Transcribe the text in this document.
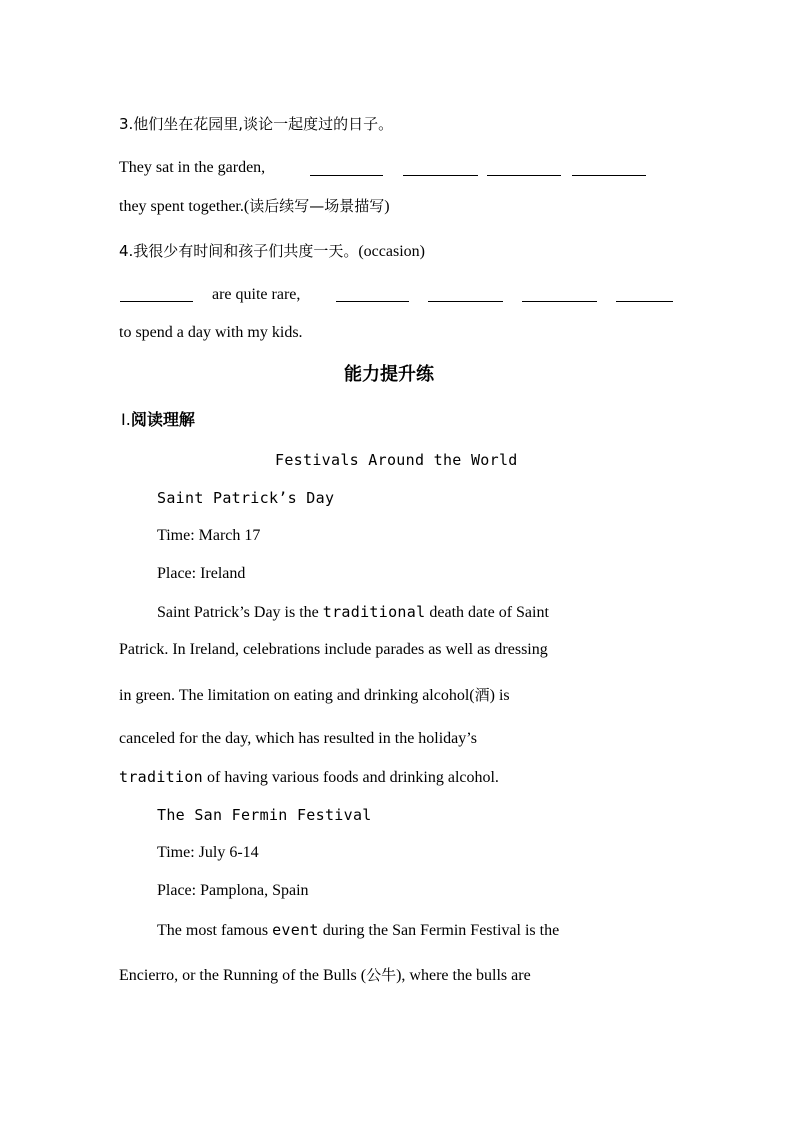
3.他们坐在花园里,谈论一起度过的日子。
They sat in the garden,
they spent together.(读后续写—场景描写)
4.我很少有时间和孩子们共度一天。(occasion)
are quite rare,
to spend a day with my kids.
能力提升练
Ⅰ.阅读理解
Festivals Around the World
Saint Patrick’s Day
Time: March 17
Place: Ireland
Saint Patrick’s Day is the traditional death date of Saint
Patrick. In Ireland, celebrations include parades as well as dressing
in green. The limitation on eating and drinking alcohol(酒) is
canceled for the day, which has resulted in the holiday’s
tradition of having various foods and drinking alcohol.
The San Fermin Festival
Time: July 6-14
Place: Pamplona, Spain
The most famous event during the San Fermin Festival is the
Encierro, or the Running of the Bulls (公牛), where the bulls are
